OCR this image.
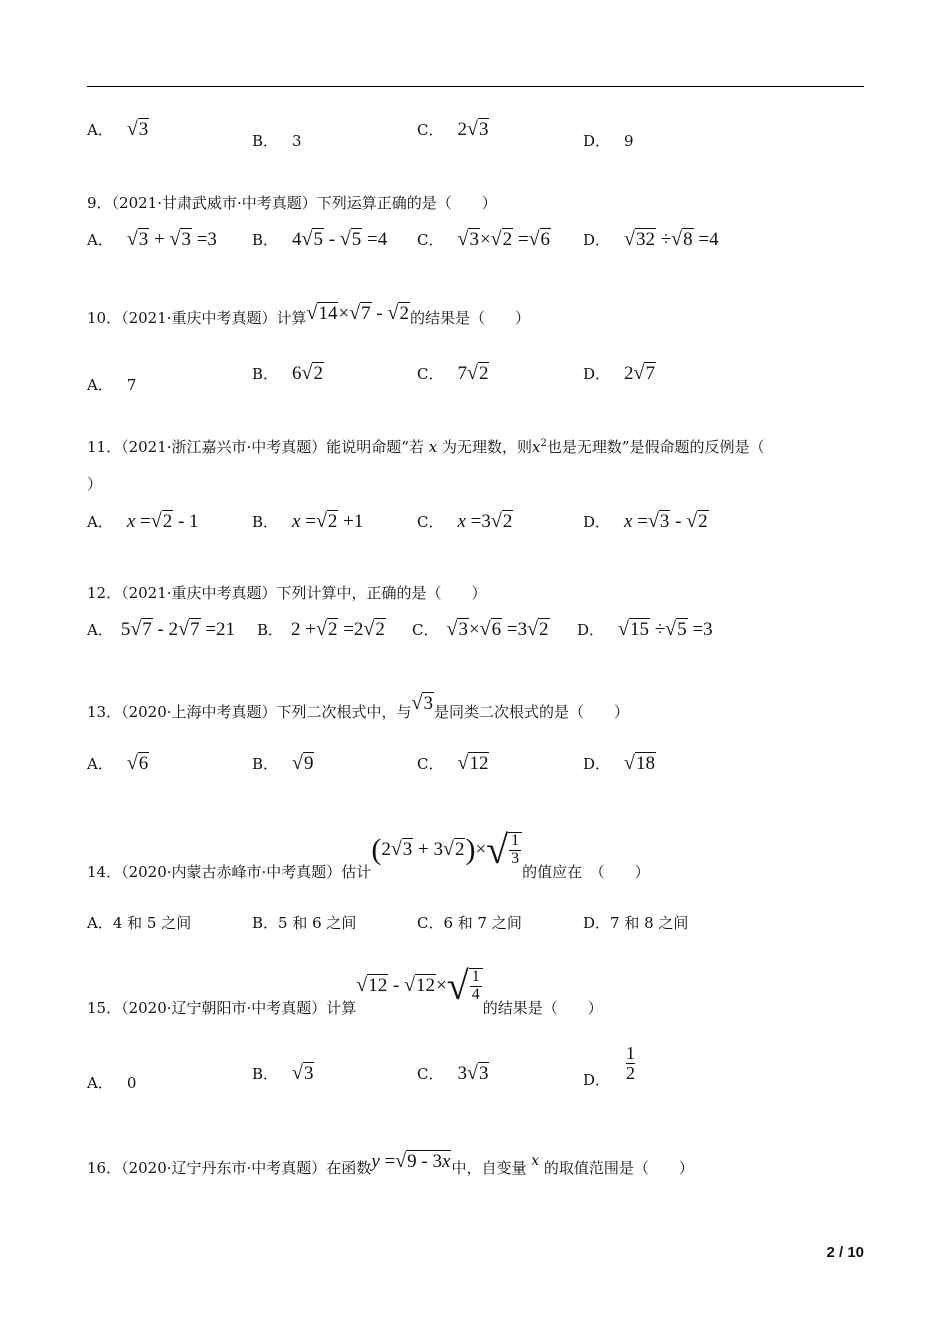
A． √3
B． 3
C． 2√3
D． 9
9．（2021·甘肃武威市·中考真题）下列运算正确的是（　　）
A． √3 + √3 =3 B． 4√5 - √5 =4 C． √3×√2 =√6 D． √32 ÷√8 =4
10．（2021·重庆中考真题）计算√14×√7 - √2的结果是（　　）
A． 7
B． 6√2	C． 7√2	D． 2√7
11．（2021·浙江嘉兴市·中考真题）能说明命题“若 x 为无理数，则$x^2$也是无理数”是假命题的反例是（
）
A． x =√2 - 1	B． x =√2 +1	C． x =3√2	D． x =√3 - √2
12．（2021·重庆中考真题）下列计算中，正确的是（　　）
A． 5√7 - 2√7 =21 B． 2 +√2 =2√2 C． √3×√6 =3√2 D． √15 ÷√5 =3
13．（2020·上海中考真题）下列二次根式中，与√3是同类二次根式的是（　　）
A． √6	B． √9	C． √12	D． √18
14．（2020·内蒙古赤峰市·中考真题）估计$(2√3 + 3√2)\times√ \frac{1}{3}$
的值应在　（　　）
A．4 和 5 之间	B．5 和 6 之间	C．6 和 7 之间	D．7 和 8 之间
15．（2020·辽宁朝阳市·中考真题）计算$√12 - √12\times√ \frac{1}{4}$
的结果是（　　）
A． 0	B． √3	C． 3√3	D． $\frac{1}{2}$
16．（2020·辽宁丹东市·中考真题）在函数y =√9 - 3x中，自变量 x 的取值范围是（　　）
2 / 10
